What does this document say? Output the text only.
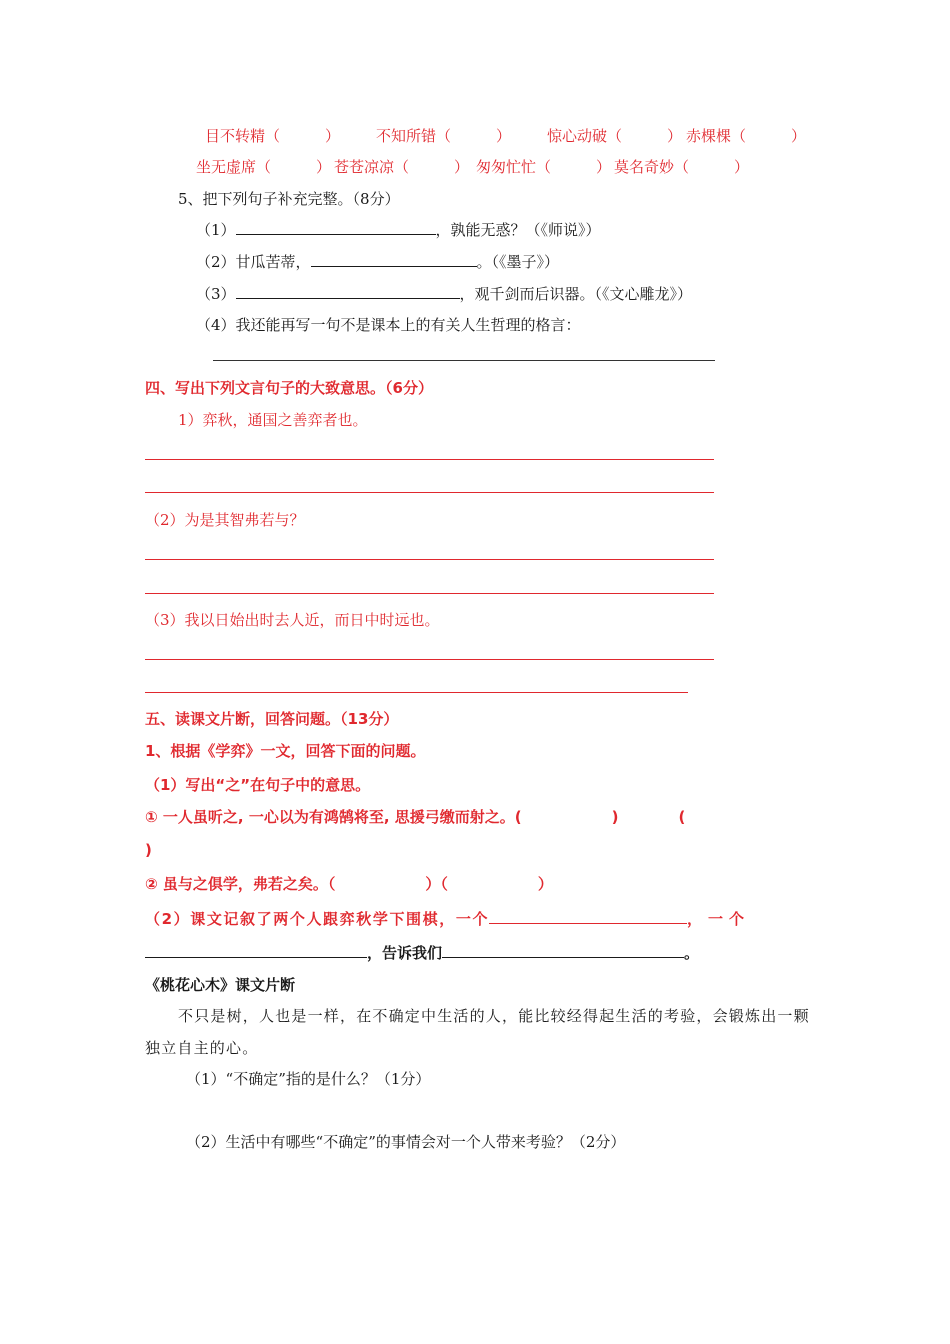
目不转精（　　　） 不知所错（　　　） 惊心动破（　　　） 赤棵棵（　　　）
坐无虚席（　　　） 苍苍凉凉（　　　） 匆匆忙忙（　　　） 莫名奇妙（　　　）
5、把下列句子补充完整。（8分）
（1）	，孰能无惑？（《师说》）
（2）甘瓜苦蒂，	。（《墨子》）
（3）	，观千剑而后识器。（《文心雕龙》）
（4）我还能再写一句不是课本上的有关人生哲理的格言：
四、写出下列文言句子的大致意思。（6分）
1）弈秋，通国之善弈者也。
（2）为是其智弗若与？
（3）我以日始出时去人近，而日中时远也。
五、读课文片断，回答问题。（13分）
1、根据《学弈》一文，回答下面的问题。
（1）写出“之”在句子中的意思。
① 一人虽听之, 一心以为有鸿鹄将至, 思援弓缴而射之。(　　　　　　)　　　　(
)
② 虽与之俱学，弗若之矣。（　　　　　　）（　　　　　　）
（2）课文记叙了两个人跟弈秋学下围棋，一个	，一个
，告诉我们	。
《桃花心木》课文片断
不只是树，人也是一样，在不确定中生活的人，能比较经得起生活的考验，会锻炼出一颗
独立自主的心。
（1）“不确定”指的是什么？（1分）
（2）生活中有哪些“不确定”的事情会对一个人带来考验？（2分）
